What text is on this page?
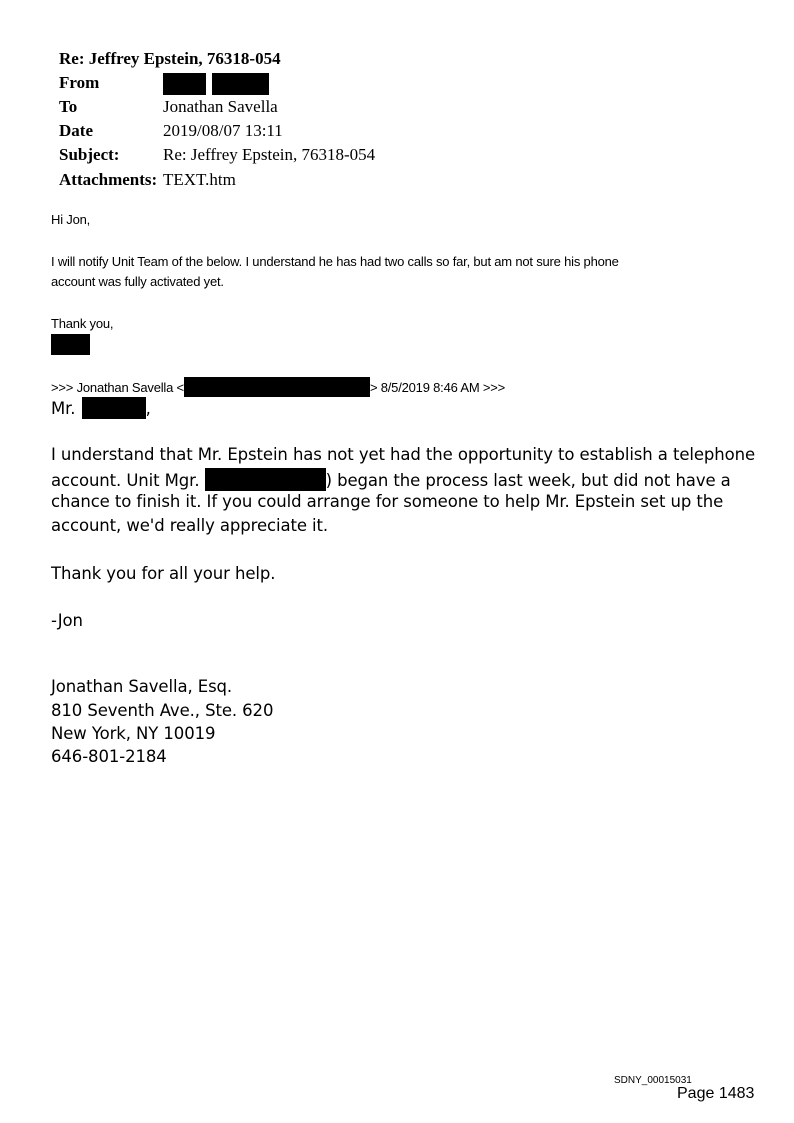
Re: Jeffrey Epstein, 76318-054
From

To	Jonathan Savella
Date	2019/08/07 13:11
Subject:	Re: Jeffrey Epstein, 76318-054
Attachments: TEXT.htm
Hi Jon,
I will notify Unit Team of the below. I understand he has had two calls so far, but am not sure his phone
account was fully activated yet.
Thank you,
>>> Jonathan Savella <	> 8/5/2019 8:46 AM >>>
Mr.	,
I understand that Mr. Epstein has not yet had the opportunity to establish a telephone
account. Unit Mgr.	) began the process last week, but did not have a
chance to finish it. If you could arrange for someone to help Mr. Epstein set up the
account, we'd really appreciate it.
Thank you for all your help.
-Jon
Jonathan Savella, Esq.
810 Seventh Ave., Ste. 620
New York, NY 10019
646-801-2184
SDNY_00015031
Page 1483
